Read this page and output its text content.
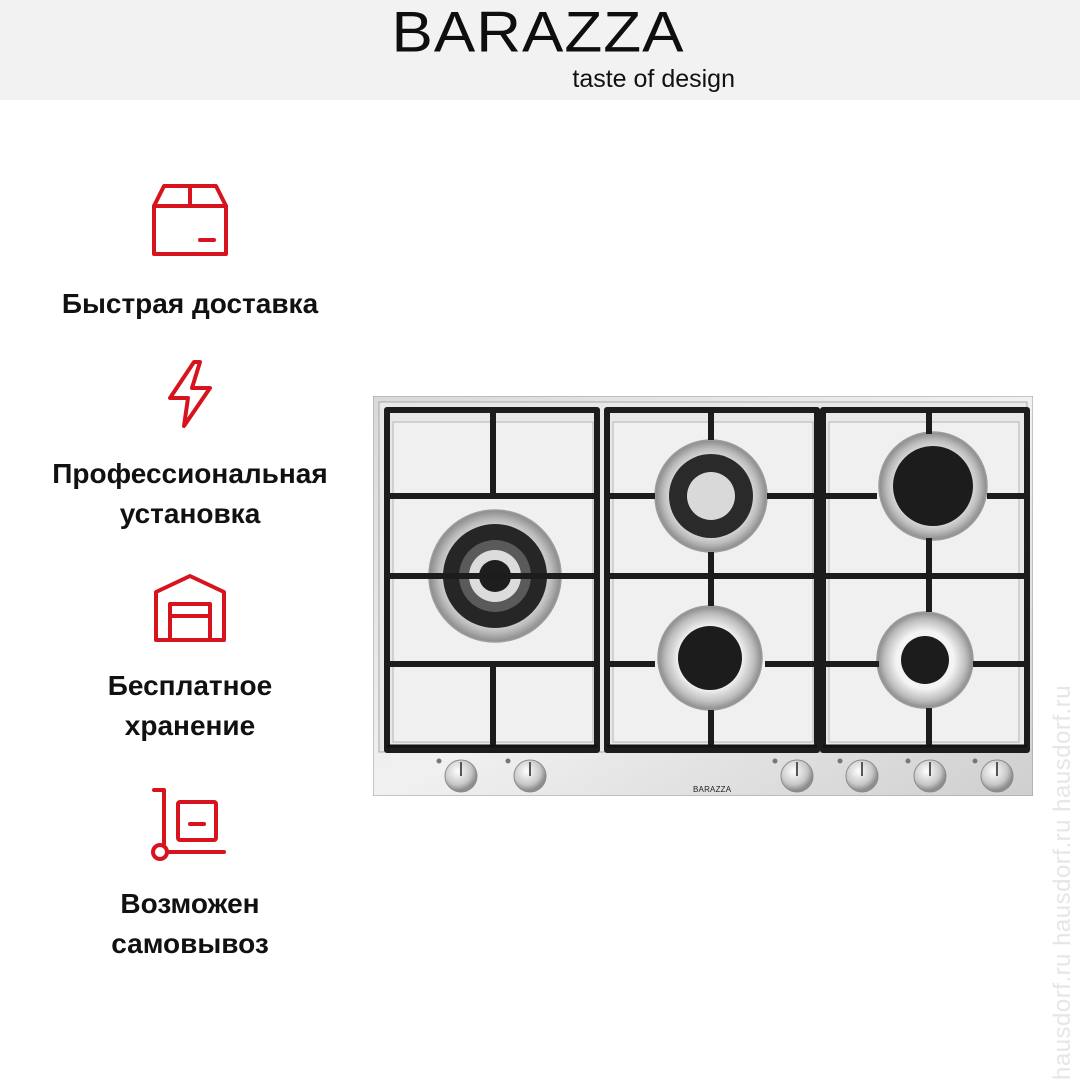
BARAZZA
taste of design
Быстрая доставка
Профессиональная
установка
Бесплатное
хранение
Возможен
самовывоз	hausdorf.ru hausdorf.ru hausdorf.ru
BARAZZA
